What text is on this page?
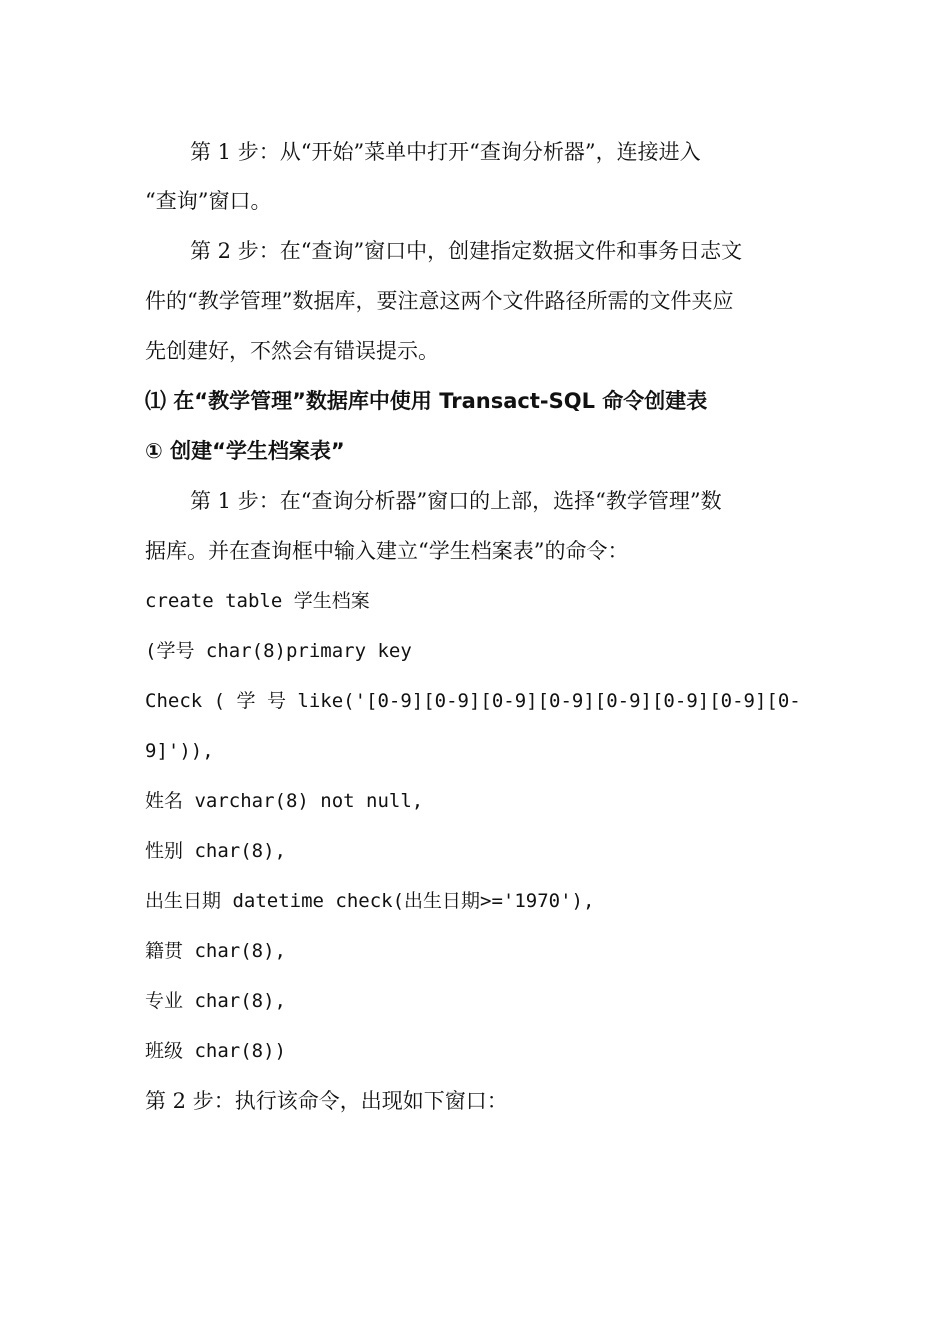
第 1 步：从“开始”菜单中打开“查询分析器”，连接进入
“查询”窗口。
第 2 步：在“查询”窗口中，创建指定数据文件和事务日志文
件的“教学管理”数据库，要注意这两个文件路径所需的文件夹应
先创建好，不然会有错误提示。
⑴ 在“教学管理”数据库中使用 Transact-SQL 命令创建表
① 创建“学生档案表”
第 1 步：在“查询分析器”窗口的上部，选择“教学管理”数
据库。并在查询框中输入建立“学生档案表”的命令：
create table 学生档案
(学号 char(8)primary key
Check ( 学 号 like('[0-9][0-9][0-9][0-9][0-9][0-9][0-9][0-
9]')),
姓名 varchar(8) not null,
性别 char(8),
出生日期 datetime check(出生日期>='1970'),
籍贯 char(8),
专业 char(8),
班级 char(8))
第 2 步：执行该命令，出现如下窗口：
